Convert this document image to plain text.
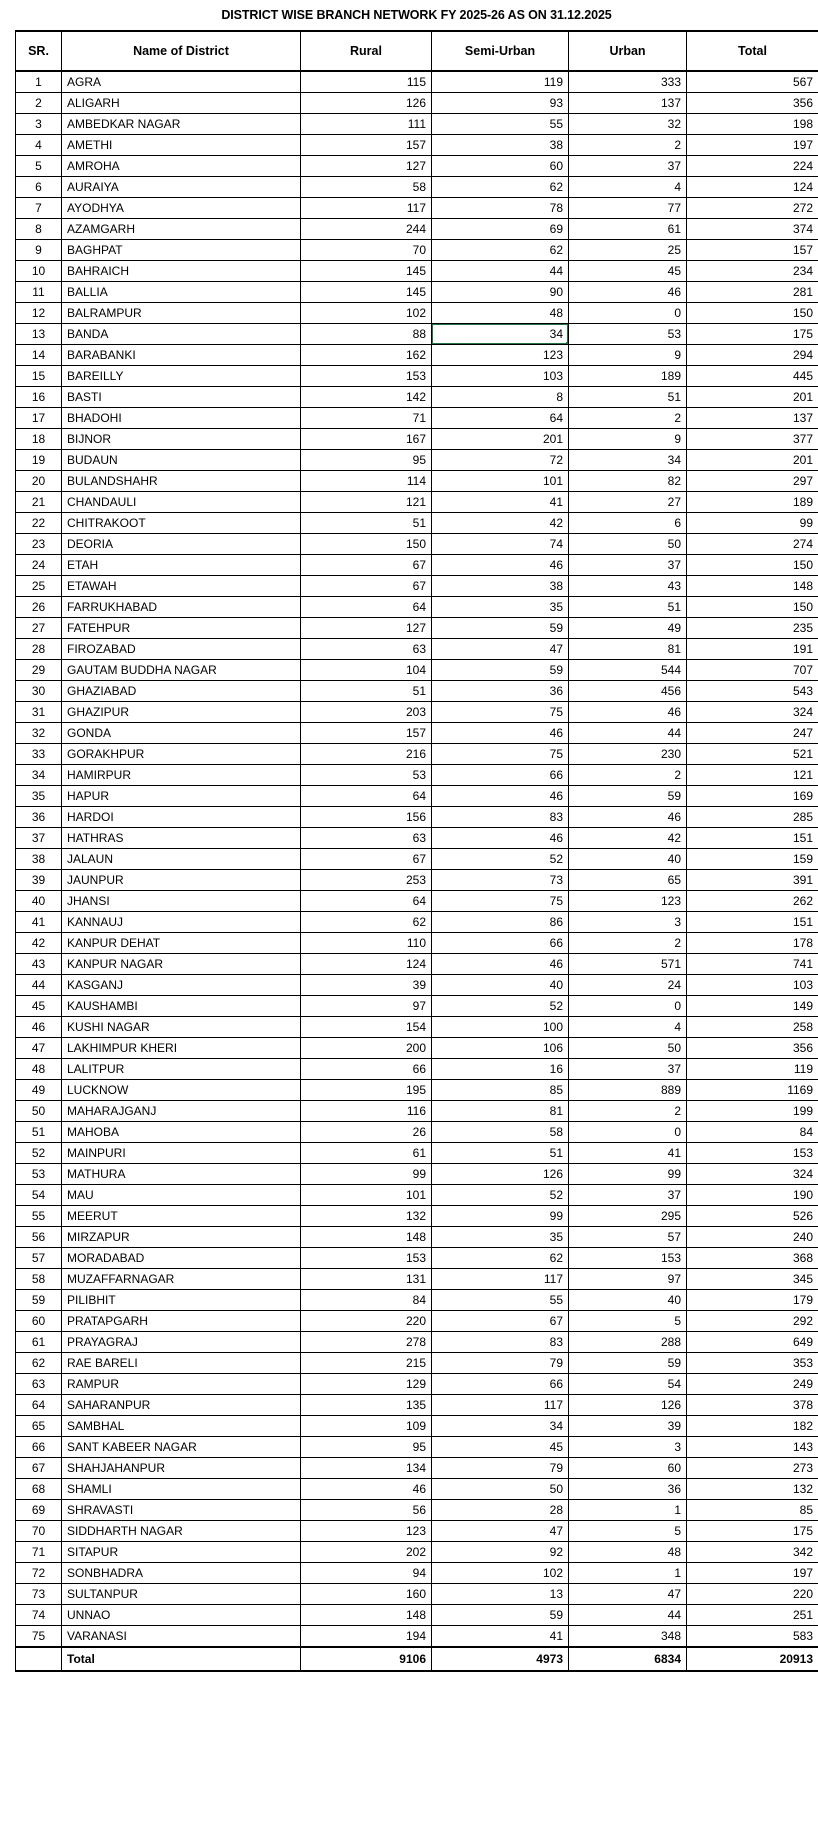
DISTRICT WISE BRANCH NETWORK FY 2025-26 AS ON 31.12.2025
SR.	Name of District	Rural	Semi-Urban	Urban	Total
1	AGRA	115	119	333	567
2	ALIGARH	126	93	137	356
3	AMBEDKAR NAGAR	111	55	32	198
4	AMETHI	157	38	2	197
5	AMROHA	127	60	37	224
6	AURAIYA	58	62	4	124
7	AYODHYA	117	78	77	272
8	AZAMGARH	244	69	61	374
9	BAGHPAT	70	62	25	157
10	BAHRAICH	145	44	45	234
11	BALLIA	145	90	46	281
12	BALRAMPUR	102	48	0	150
13	BANDA	88	34	53	175
14	BARABANKI	162	123	9	294
15	BAREILLY	153	103	189	445
16	BASTI	142	8	51	201
17	BHADOHI	71	64	2	137
18	BIJNOR	167	201	9	377
19	BUDAUN	95	72	34	201
20	BULANDSHAHR	114	101	82	297
21	CHANDAULI	121	41	27	189
22	CHITRAKOOT	51	42	6	99
23	DEORIA	150	74	50	274
24	ETAH	67	46	37	150
25	ETAWAH	67	38	43	148
26	FARRUKHABAD	64	35	51	150
27	FATEHPUR	127	59	49	235
28	FIROZABAD	63	47	81	191
29	GAUTAM BUDDHA NAGAR	104	59	544	707
30	GHAZIABAD	51	36	456	543
31	GHAZIPUR	203	75	46	324
32	GONDA	157	46	44	247
33	GORAKHPUR	216	75	230	521
34	HAMIRPUR	53	66	2	121
35	HAPUR	64	46	59	169
36	HARDOI	156	83	46	285
37	HATHRAS	63	46	42	151
38	JALAUN	67	52	40	159
39	JAUNPUR	253	73	65	391
40	JHANSI	64	75	123	262
41	KANNAUJ	62	86	3	151
42	KANPUR DEHAT	110	66	2	178
43	KANPUR NAGAR	124	46	571	741
44	KASGANJ	39	40	24	103
45	KAUSHAMBI	97	52	0	149
46	KUSHI NAGAR	154	100	4	258
47	LAKHIMPUR KHERI	200	106	50	356
48	LALITPUR	66	16	37	119
49	LUCKNOW	195	85	889	1169
50	MAHARAJGANJ	116	81	2	199
51	MAHOBA	26	58	0	84
52	MAINPURI	61	51	41	153
53	MATHURA	99	126	99	324
54	MAU	101	52	37	190
55	MEERUT	132	99	295	526
56	MIRZAPUR	148	35	57	240
57	MORADABAD	153	62	153	368
58	MUZAFFARNAGAR	131	117	97	345
59	PILIBHIT	84	55	40	179
60	PRATAPGARH	220	67	5	292
61	PRAYAGRAJ	278	83	288	649
62	RAE BARELI	215	79	59	353
63	RAMPUR	129	66	54	249
64	SAHARANPUR	135	117	126	378
65	SAMBHAL	109	34	39	182
66	SANT KABEER NAGAR	95	45	3	143
67	SHAHJAHANPUR	134	79	60	273
68	SHAMLI	46	50	36	132
69	SHRAVASTI	56	28	1	85
70	SIDDHARTH NAGAR	123	47	5	175
71	SITAPUR	202	92	48	342
72	SONBHADRA	94	102	1	197
73	SULTANPUR	160	13	47	220
74	UNNAO	148	59	44	251
75	VARANASI	194	41	348	583
	Total	9106	4973	6834	20913
